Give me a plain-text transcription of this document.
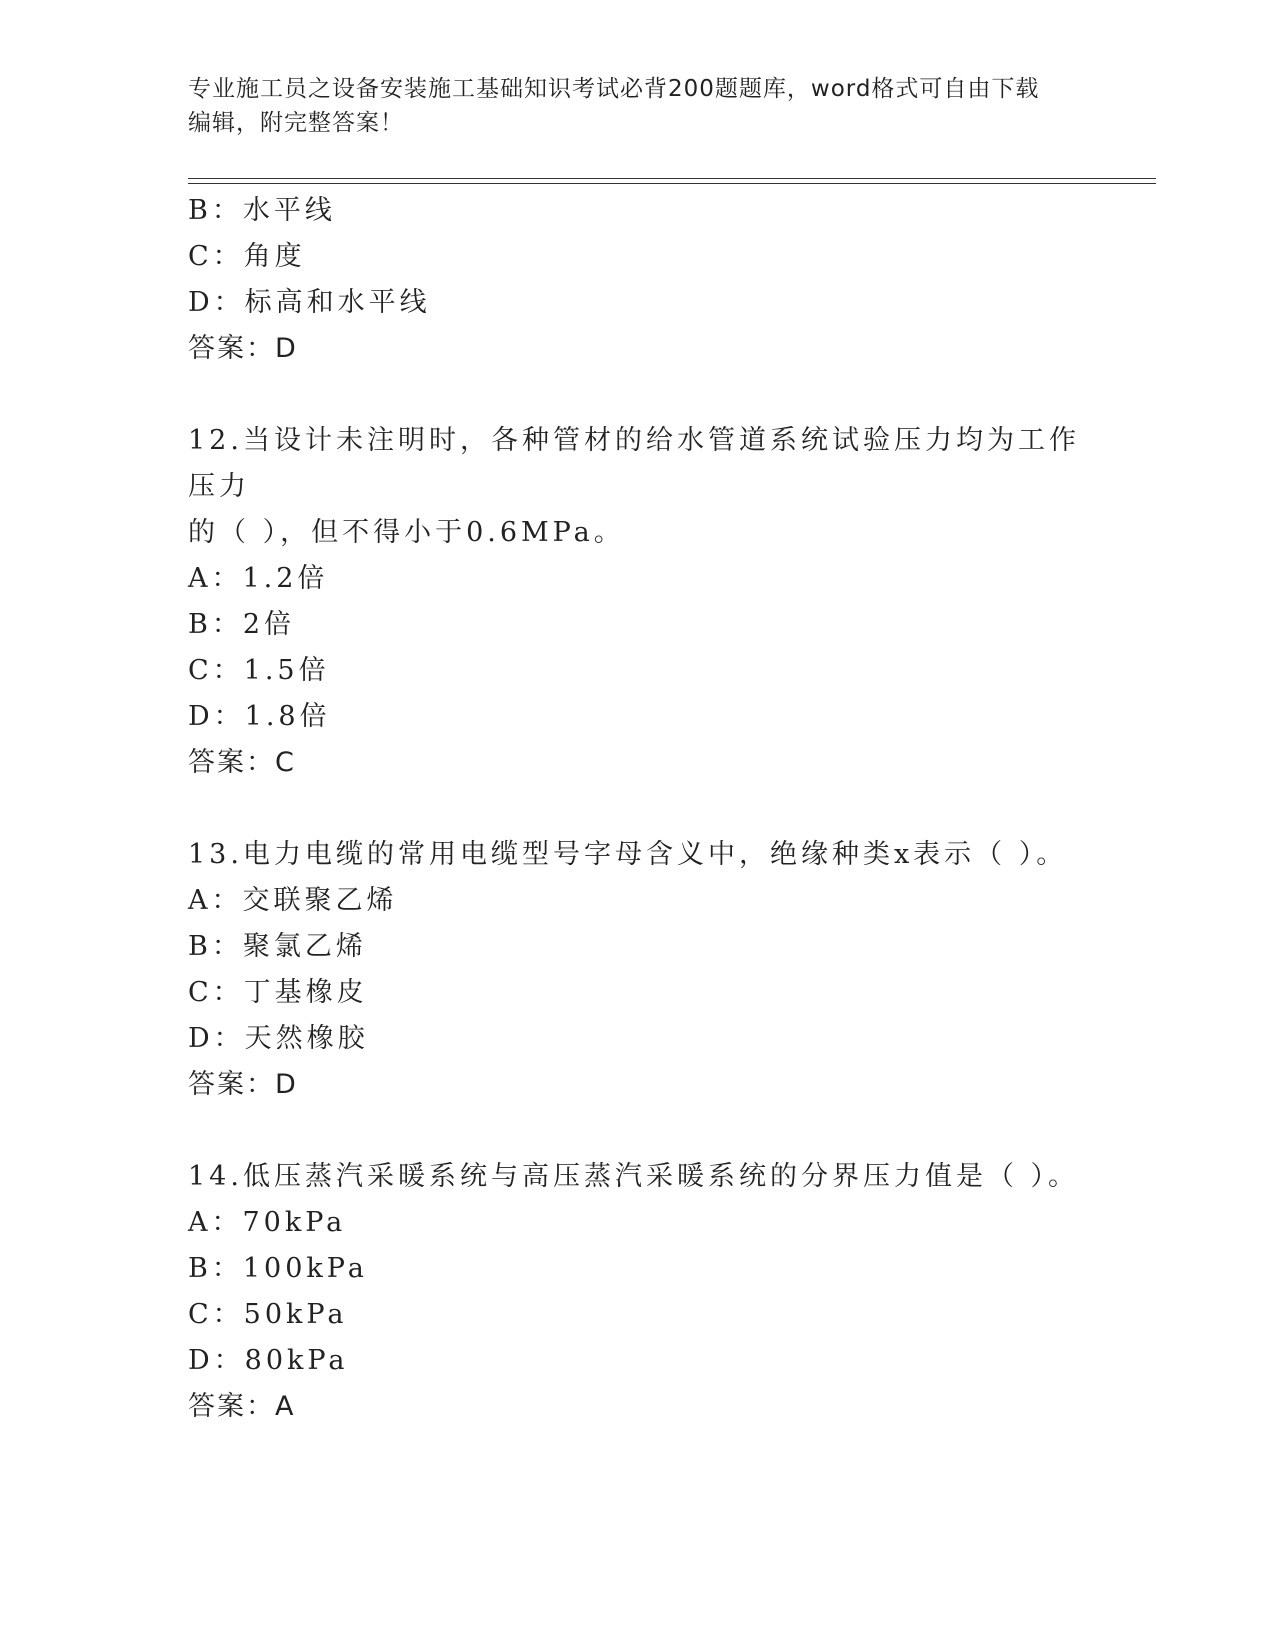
专业施工员之设备安装施工基础知识考试必背200题题库，word格式可自由下载
编辑，附完整答案！
B：水平线
C：角度
D：标高和水平线
答案：D
12.当设计未注明时，各种管材的给水管道系统试验压力均为工作压力
的（ ），但不得小于0.6MPa。
A：1.2倍
B：2倍
C：1.5倍
D：1.8倍
答案：C
13.电力电缆的常用电缆型号字母含义中，绝缘种类x表示（ ）。
A：交联聚乙烯
B：聚氯乙烯
C：丁基橡皮
D：天然橡胶
答案：D
14.低压蒸汽采暖系统与高压蒸汽采暖系统的分界压力值是（ ）。
A：70kPa
B：100kPa
C：50kPa
D：80kPa
答案：A
